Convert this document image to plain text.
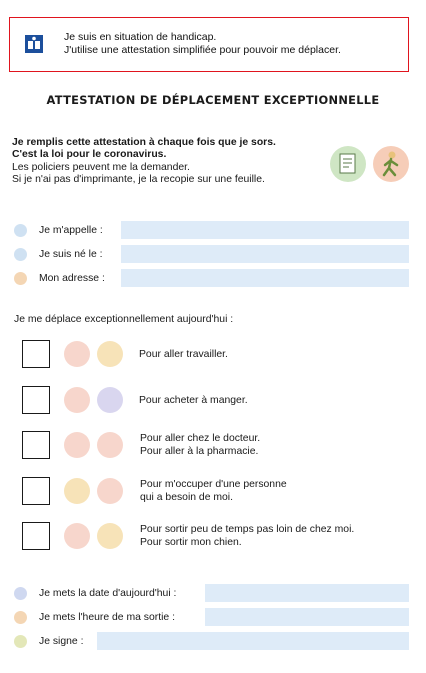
Je suis en situation de handicap.
J'utilise une attestation simplifiée pour pouvoir me déplacer.
ATTESTATION DE DÉPLACEMENT EXCEPTIONNELLE
Je remplis cette attestation à chaque fois que je sors.
C'est la loi pour le coronavirus.
Les policiers peuvent me la demander.
Si je n'ai pas d'imprimante, je la recopie sur une feuille.
Je m'appelle :
Je suis né le :
Mon adresse :
Je me déplace exceptionnellement aujourd'hui :
Pour aller travailler.
Pour acheter à manger.
Pour aller chez le docteur.
Pour aller à la pharmacie.
Pour m'occuper d'une personne
qui a besoin de moi.
Pour sortir peu de temps pas loin de chez moi.
Pour sortir mon chien.
Je mets la date d'aujourd'hui :
Je mets l'heure de ma sortie :
Je signe :
